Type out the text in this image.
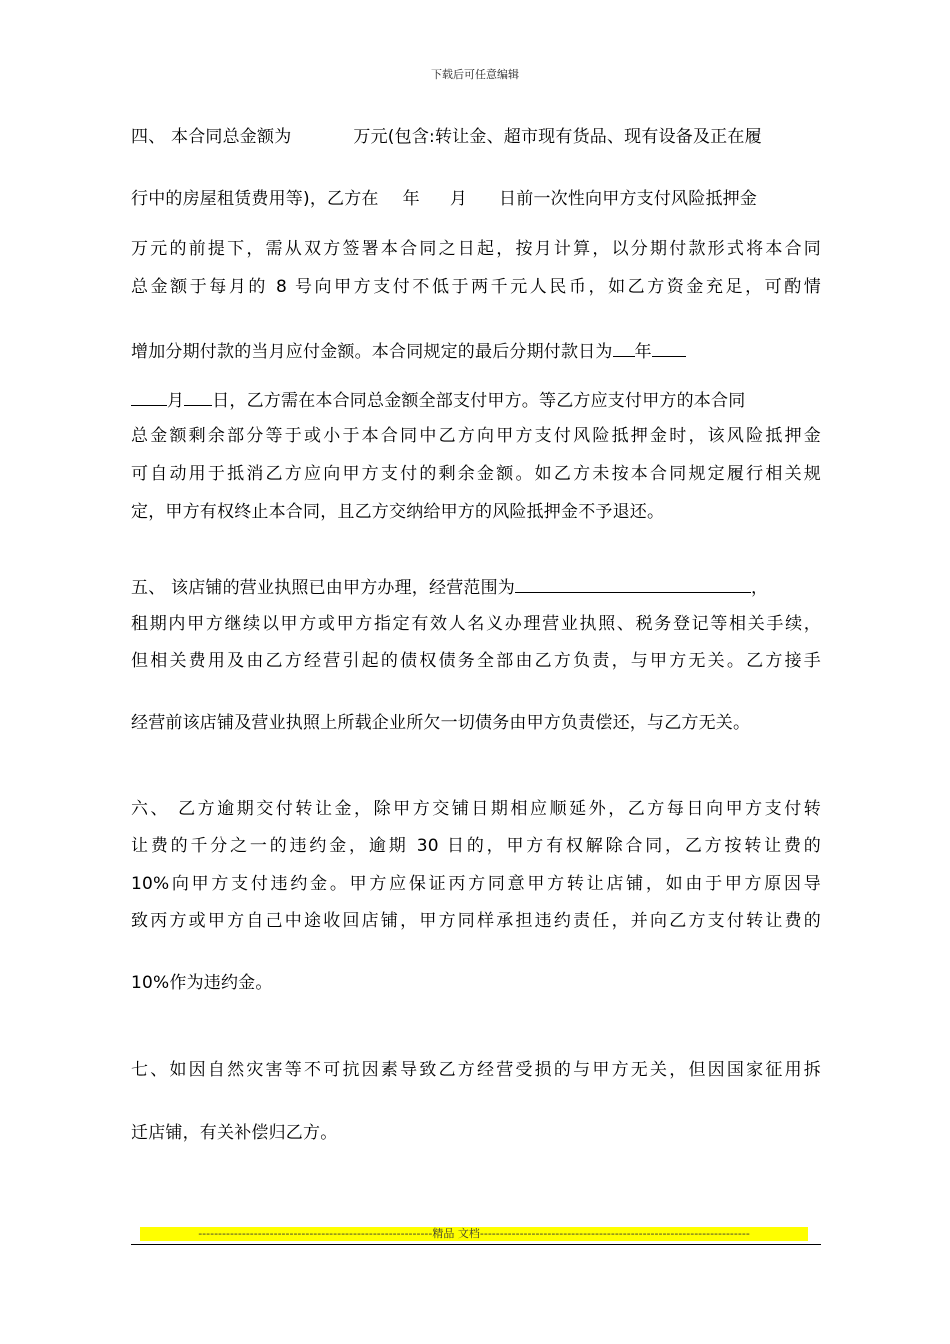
下载后可任意编辑
四、 本合同总金额为	万元(包含:转让金、超市现有货品、现有设备及正在履
行中的房屋租赁费用等)，乙方在 年 月 日前一次性向甲方支付风险抵押金
万元的前提下，需从双方签署本合同之日起，按月计算，以分期付款形式将本合同
总金额于每月的 8 号向甲方支付不低于两千元人民币，如乙方资金充足，可酌情
增加分期付款的当月应付金额。本合同规定的最后分期付款日为 年
月 日，乙方需在本合同总金额全部支付甲方。等乙方应支付甲方的本合同
总金额剩余部分等于或小于本合同中乙方向甲方支付风险抵押金时，该风险抵押金
可自动用于抵消乙方应向甲方支付的剩余金额。如乙方未按本合同规定履行相关规
定，甲方有权终止本合同，且乙方交纳给甲方的风险抵押金不予退还。
五、 该店铺的营业执照已由甲方办理，经营范围为	，
租期内甲方继续以甲方或甲方指定有效人名义办理营业执照、税务登记等相关手续，
但相关费用及由乙方经营引起的债权债务全部由乙方负责，与甲方无关。乙方接手
经营前该店铺及营业执照上所载企业所欠一切债务由甲方负责偿还，与乙方无关。
六、 乙方逾期交付转让金，除甲方交铺日期相应顺延外，乙方每日向甲方支付转
让费的千分之一的违约金，逾期 30 日的，甲方有权解除合同，乙方按转让费的
10%向甲方支付违约金。甲方应保证丙方同意甲方转让店铺，如由于甲方原因导
致丙方或甲方自己中途收回店铺，甲方同样承担违约责任，并向乙方支付转让费的
10%作为违约金。
七、如因自然灾害等不可抗因素导致乙方经营受损的与甲方无关，但因国家征用拆
迁店铺，有关补偿归乙方。
-----------------------------------------------------------精品 文档--------------------------------------------------------------------
